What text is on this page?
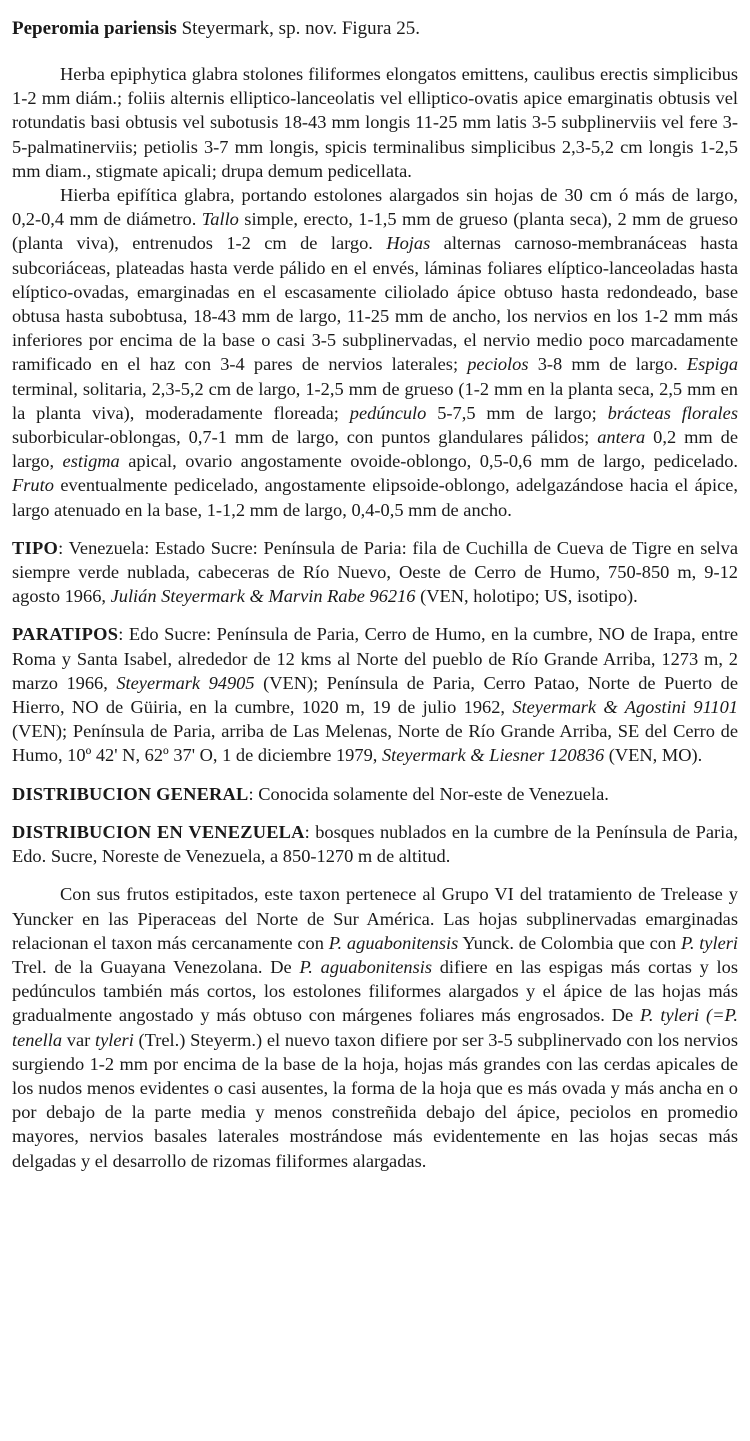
Peperomia pariensis Steyermark, sp. nov. Figura 25.

Herba epiphytica glabra stolones filiformes elongatos emittens, caulibus erectis simplicibus 1-2 mm diám.; foliis alternis elliptico-lanceolatis vel elliptico-ovatis apice emarginatis obtusis vel rotundatis basi obtusis vel subotusis 18-43 mm longis 11-25 mm latis 3-5 subplinerviis vel fere 3-5-palmatinerviis; petiolis 3-7 mm longis, spicis terminalibus simplicibus 2,3-5,2 cm longis 1-2,5 mm diam., stigmate apicali; drupa demum pedicellata.

Hierba epifítica glabra, portando estolones alargados sin hojas de 30 cm ó más de largo, 0,2-0,4 mm de diámetro. Tallo simple, erecto, 1-1,5 mm de grueso (planta seca), 2 mm de grueso (planta viva), entrenudos 1-2 cm de largo. Hojas alternas carnoso-membranáceas hasta subcoriáceas, plateadas hasta verde pálido en el envés, láminas foliares elíptico-lanceoladas hasta elíptico-ovadas, emarginadas en el escasamente ciliolado ápice obtuso hasta redondeado, base obtusa hasta subobtusa, 18-43 mm de largo, 11-25 mm de ancho, los nervios en los 1-2 mm más inferiores por encima de la base o casi 3-5 subplinervadas, el nervio medio poco marcadamente ramificado en el haz con 3-4 pares de nervios laterales; peciolos 3-8 mm de largo. Espiga terminal, solitaria, 2,3-5,2 cm de largo, 1-2,5 mm de grueso (1-2 mm en la planta seca, 2,5 mm en la planta viva), moderadamente floreada; pedúnculo 5-7,5 mm de largo; brácteas florales suborbicular-oblongas, 0,7-1 mm de largo, con puntos glandulares pálidos; antera 0,2 mm de largo, estigma apical, ovario angostamente ovoide-oblongo, 0,5-0,6 mm de largo, pedicelado. Fruto eventualmente pedicelado, angostamente elipsoide-oblongo, adelgazándose hacia el ápice, largo atenuado en la base, 1-1,2 mm de largo, 0,4-0,5 mm de ancho.

TIPO: Venezuela: Estado Sucre: Península de Paria: fila de Cuchilla de Cueva de Tigre en selva siempre verde nublada, cabeceras de Río Nuevo, Oeste de Cerro de Humo, 750-850 m, 9-12 agosto 1966, Julián Steyermark & Marvin Rabe 96216 (VEN, holotipo; US, isotipo).

PARATIPOS: Edo Sucre: Península de Paria, Cerro de Humo, en la cumbre, NO de Irapa, entre Roma y Santa Isabel, alrededor de 12 kms al Norte del pueblo de Río Grande Arriba, 1273 m, 2 marzo 1966, Steyermark 94905 (VEN); Península de Paria, Cerro Patao, Norte de Puerto de Hierro, NO de Güiria, en la cumbre, 1020 m, 19 de julio 1962, Steyermark & Agostini 91101 (VEN); Península de Paria, arriba de Las Melenas, Norte de Río Grande Arriba, SE del Cerro de Humo, 10º 42' N, 62º 37' O, 1 de diciembre 1979, Steyermark & Liesner 120836 (VEN, MO).

DISTRIBUCION GENERAL: Conocida solamente del Nor-este de Venezuela.

DISTRIBUCION EN VENEZUELA: bosques nublados en la cumbre de la Península de Paria, Edo. Sucre, Noreste de Venezuela, a 850-1270 m de altitud.

Con sus frutos estipitados, este taxon pertenece al Grupo VI del tratamiento de Trelease y Yuncker en las Piperaceas del Norte de Sur América. Las hojas subplinervadas emarginadas relacionan el taxon más cercanamente con P. aguabonitensis Yunck. de Colombia que con P. tyleri Trel. de la Guayana Venezolana. De P. aguabonitensis difiere en las espigas más cortas y los pedúnculos también más cortos, los estolones filiformes alargados y el ápice de las hojas más gradualmente angostado y más obtuso con márgenes foliares más engrosados. De P. tyleri (=P. tenella var tyleri (Trel.) Steyerm.) el nuevo taxon difiere por ser 3-5 subplinervado con los nervios surgiendo 1-2 mm por encima de la base de la hoja, hojas más grandes con las cerdas apicales de los nudos menos evidentes o casi ausentes, la forma de la hoja que es más ovada y más ancha en o por debajo de la parte media y menos constreñida debajo del ápice, peciolos en promedio mayores, nervios basales laterales mostrándose más evidentemente en las hojas secas más delgadas y el desarrollo de rizomas filiformes alargadas.
